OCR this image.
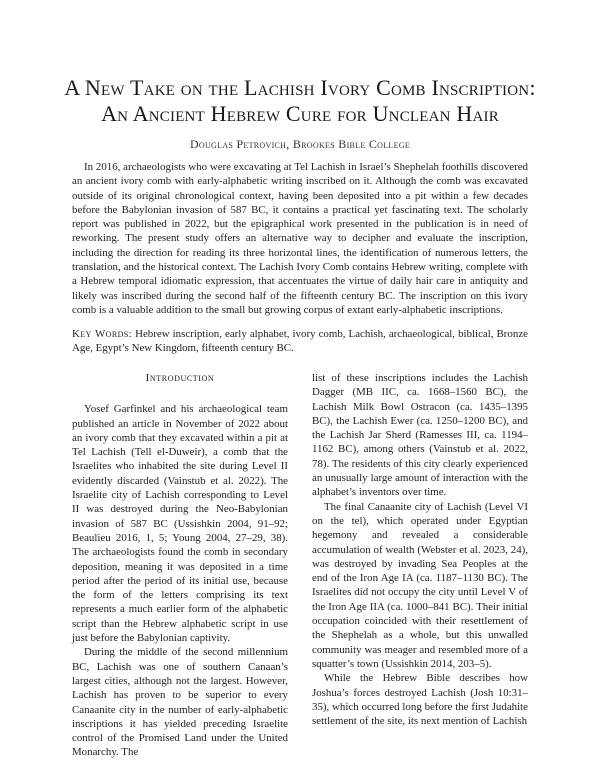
A New Take on the Lachish Ivory Comb Inscription:
An Ancient Hebrew Cure for Unclean Hair
Douglas Petrovich, Brookes Bible College

In 2016, archaeologists who were excavating at Tel Lachish in Israel’s Shephelah foothills discovered an ancient ivory comb with early-alphabetic writing inscribed on it. Although the comb was excavated outside of its original chronological context, having been deposited into a pit within a few decades before the Babylonian invasion of 587 BC, it contains a practical yet fascinating text. The scholarly report was published in 2022, but the epigraphical work presented in the publication is in need of reworking. The present study offers an alternative way to decipher and evaluate the inscription, including the direction for reading its three horizontal lines, the identification of numerous letters, the translation, and the historical context. The Lachish Ivory Comb contains Hebrew writing, complete with a Hebrew temporal idiomatic expression, that accentuates the virtue of daily hair care in antiquity and likely was inscribed during the second half of the fifteenth century BC. The inscription on this ivory comb is a valuable addition to the small but growing corpus of extant early-alphabetic inscriptions.

Key Words: Hebrew inscription, early alphabet, ivory comb, Lachish, archaeological, biblical, Bronze Age, Egypt’s New Kingdom, fifteenth century BC.

Introduction

Yosef Garfinkel and his archaeological team published an article in November of 2022 about an ivory comb that they excavated within a pit at Tel Lachish (Tell el-Duweir), a comb that the Israelites who inhabited the site during Level II evidently discarded (Vainstub et al. 2022). The Israelite city of Lachish corresponding to Level II was destroyed during the Neo-Babylonian invasion of 587 BC (Ussishkin 2004, 91–92; Beaulieu 2016, 1, 5; Young 2004, 27–29, 38). The archaeologists found the comb in secondary deposition, meaning it was deposited in a time period after the period of its initial use, because the form of the letters comprising its text represents a much earlier form of the alphabetic script than the Hebrew alphabetic script in use just before the Babylonian captivity.

During the middle of the second millennium BC, Lachish was one of southern Canaan’s largest cities, although not the largest. However, Lachish has proven to be superior to every Canaanite city in the number of early-alphabetic inscriptions it has yielded preceding Israelite control of the Promised Land under the United Monarchy. The

list of these inscriptions includes the Lachish Dagger (MB IIC, ca. 1668–1560 BC), the Lachish Milk Bowl Ostracon (ca. 1435–1395 BC), the Lachish Ewer (ca. 1250–1200 BC), and the Lachish Jar Sherd (Ramesses III, ca. 1194–1162 BC), among others (Vainstub et al. 2022, 78). The residents of this city clearly experienced an unusually large amount of interaction with the alphabet’s inventors over time.

The final Canaanite city of Lachish (Level VI on the tel), which operated under Egyptian hegemony and revealed a considerable accumulation of wealth (Webster et al. 2023, 24), was destroyed by invading Sea Peoples at the end of the Iron Age IA (ca. 1187–1130 BC). The Israelites did not occupy the city until Level V of the Iron Age IIA (ca. 1000–841 BC). Their initial occupation coincided with their resettlement of the Shephelah as a whole, but this unwalled community was meager and resembled more of a squatter’s town (Ussishkin 2014, 203–5).

While the Hebrew Bible describes how Joshua’s forces destroyed Lachish (Josh 10:31–35), which occurred long before the first Judahite settlement of the site, its next mention of Lachish
